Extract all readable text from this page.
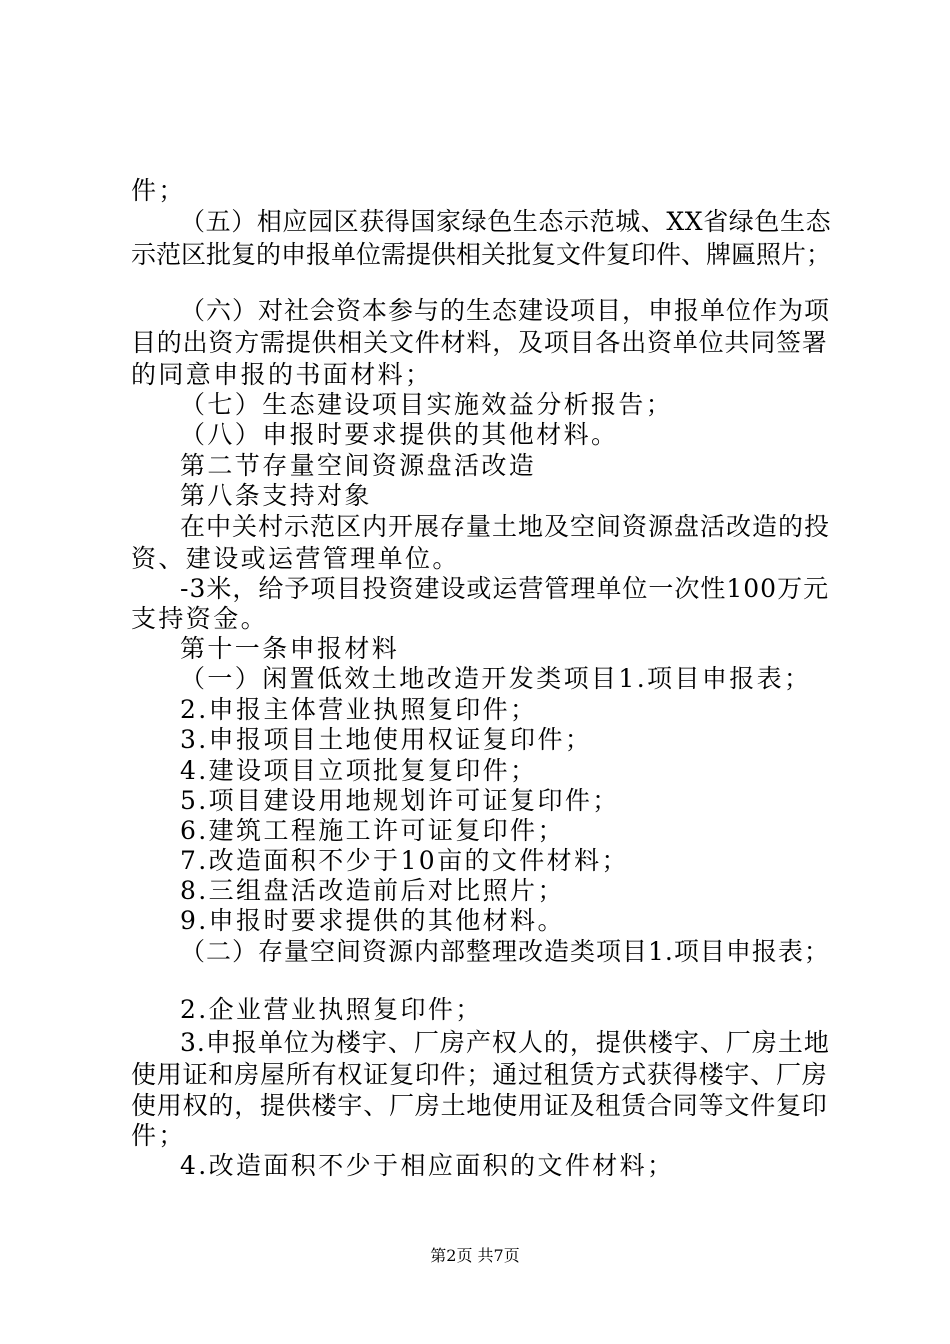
件；
（五）相应园区获得国家绿色生态示范城、XX省绿色生态
示范区批复的申报单位需提供相关批复文件复印件、牌匾照片；
（六）对社会资本参与的生态建设项目，申报单位作为项
目的出资方需提供相关文件材料，及项目各出资单位共同签署
的同意申报的书面材料；
（七）生态建设项目实施效益分析报告；
（八）申报时要求提供的其他材料。
第二节存量空间资源盘活改造
第八条支持对象
在中关村示范区内开展存量土地及空间资源盘活改造的投
资、建设或运营管理单位。
-3米，给予项目投资建设或运营管理单位一次性100万元
支持资金。
第十一条申报材料
（一）闲置低效土地改造开发类项目1.项目申报表；
2.申报主体营业执照复印件；
3.申报项目土地使用权证复印件；
4.建设项目立项批复复印件；
5.项目建设用地规划许可证复印件；
6.建筑工程施工许可证复印件；
7.改造面积不少于10亩的文件材料；
8.三组盘活改造前后对比照片；
9.申报时要求提供的其他材料。
（二）存量空间资源内部整理改造类项目1.项目申报表；
2.企业营业执照复印件；
3.申报单位为楼宇、厂房产权人的，提供楼宇、厂房土地
使用证和房屋所有权证复印件；通过租赁方式获得楼宇、厂房
使用权的，提供楼宇、厂房土地使用证及租赁合同等文件复印
件；
4.改造面积不少于相应面积的文件材料；
第2页 共7页
